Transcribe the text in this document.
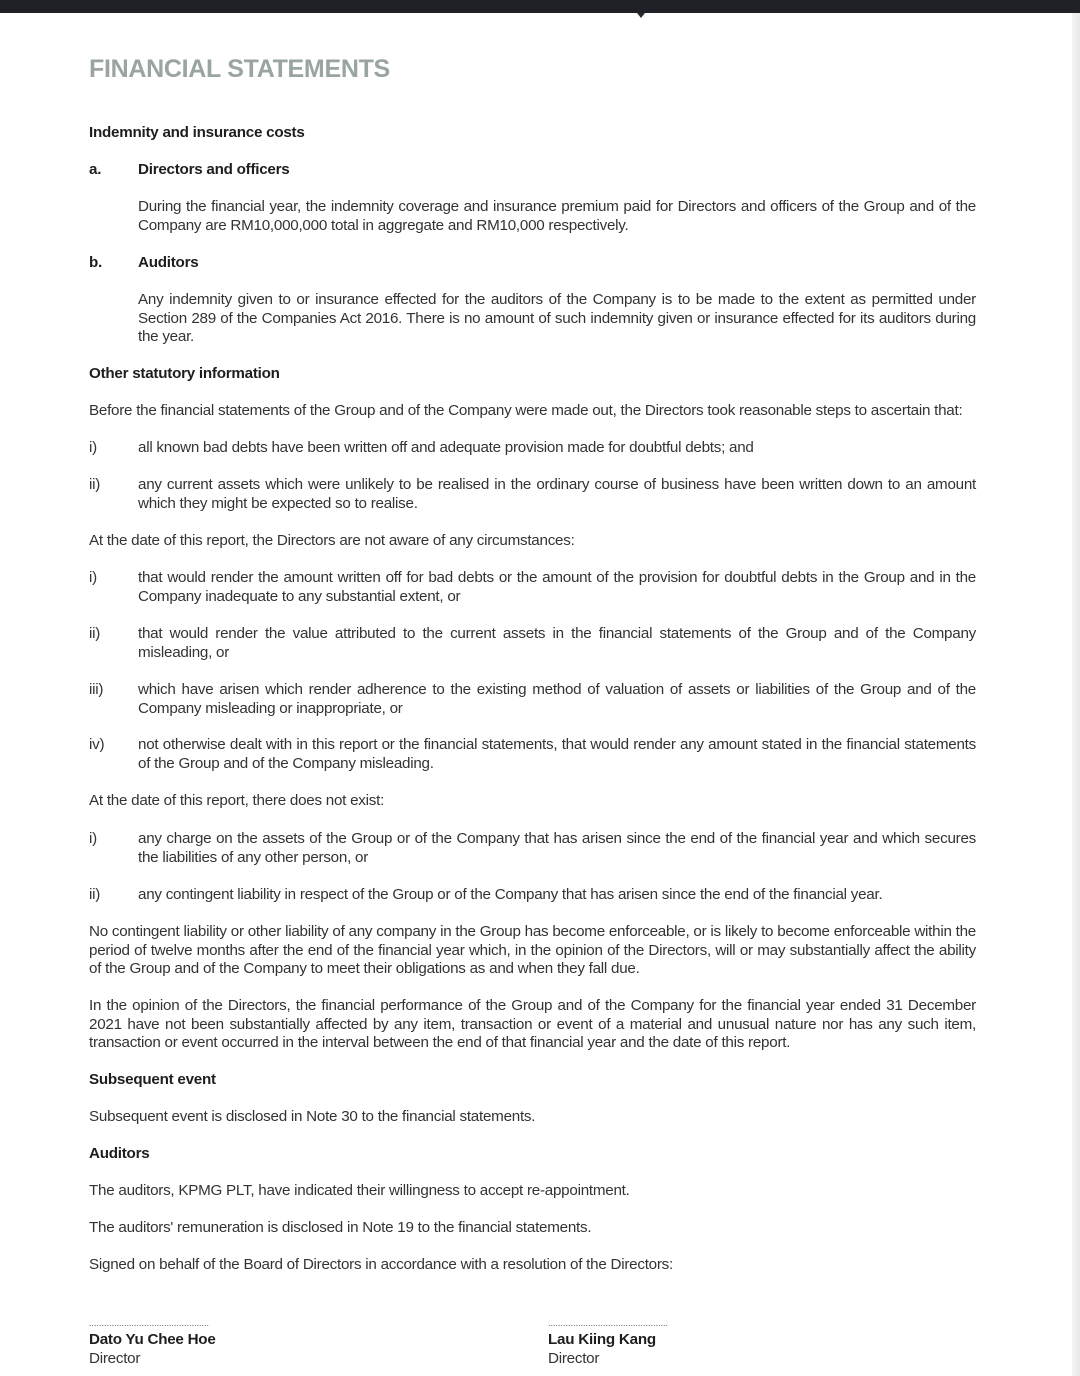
FINANCIAL STATEMENTS
Indemnity and insurance costs
a. Directors and officers
During the financial year, the indemnity coverage and insurance premium paid for Directors and officers of the Group and of the Company are RM10,000,000 total in aggregate and RM10,000 respectively.
b. Auditors
Any indemnity given to or insurance effected for the auditors of the Company is to be made to the extent as permitted under Section 289 of the Companies Act 2016. There is no amount of such indemnity given or insurance effected for its auditors during the year.
Other statutory information
Before the financial statements of the Group and of the Company were made out, the Directors took reasonable steps to ascertain that:
i)	all known bad debts have been written off and adequate provision made for doubtful debts; and
ii) any current assets which were unlikely to be realised in the ordinary course of business have been written down to an amount which they might be expected so to realise.
At the date of this report, the Directors are not aware of any circumstances:
i)	that would render the amount written off for bad debts or the amount of the provision for doubtful debts in the Group and in the Company inadequate to any substantial extent, or
ii) that would render the value attributed to the current assets in the financial statements of the Group and of the Company misleading, or
iii) which have arisen which render adherence to the existing method of valuation of assets or liabilities of the Group and of the Company misleading or inappropriate, or
iv) not otherwise dealt with in this report or the financial statements, that would render any amount stated in the financial statements of the Group and of the Company misleading.
At the date of this report, there does not exist:
i)	any charge on the assets of the Group or of the Company that has arisen since the end of the financial year and which secures the liabilities of any other person, or
ii) any contingent liability in respect of the Group or of the Company that has arisen since the end of the financial year.
No contingent liability or other liability of any company in the Group has become enforceable, or is likely to become enforceable within the period of twelve months after the end of the financial year which, in the opinion of the Directors, will or may substantially affect the ability of the Group and of the Company to meet their obligations as and when they fall due.
In the opinion of the Directors, the financial performance of the Group and of the Company for the financial year ended 31 December 2021 have not been substantially affected by any item, transaction or event of a material and unusual nature nor has any such item, transaction or event occurred in the interval between the end of that financial year and the date of this report.
Subsequent event
Subsequent event is disclosed in Note 30 to the financial statements.
Auditors
The auditors, KPMG PLT, have indicated their willingness to accept re-appointment.
The auditors' remuneration is disclosed in Note 19 to the financial statements.
Signed on behalf of the Board of Directors in accordance with a resolution of the Directors:
................................................
Dato Yu Chee Hoe
Director
................................................
Lau Kiing Kang
Director
